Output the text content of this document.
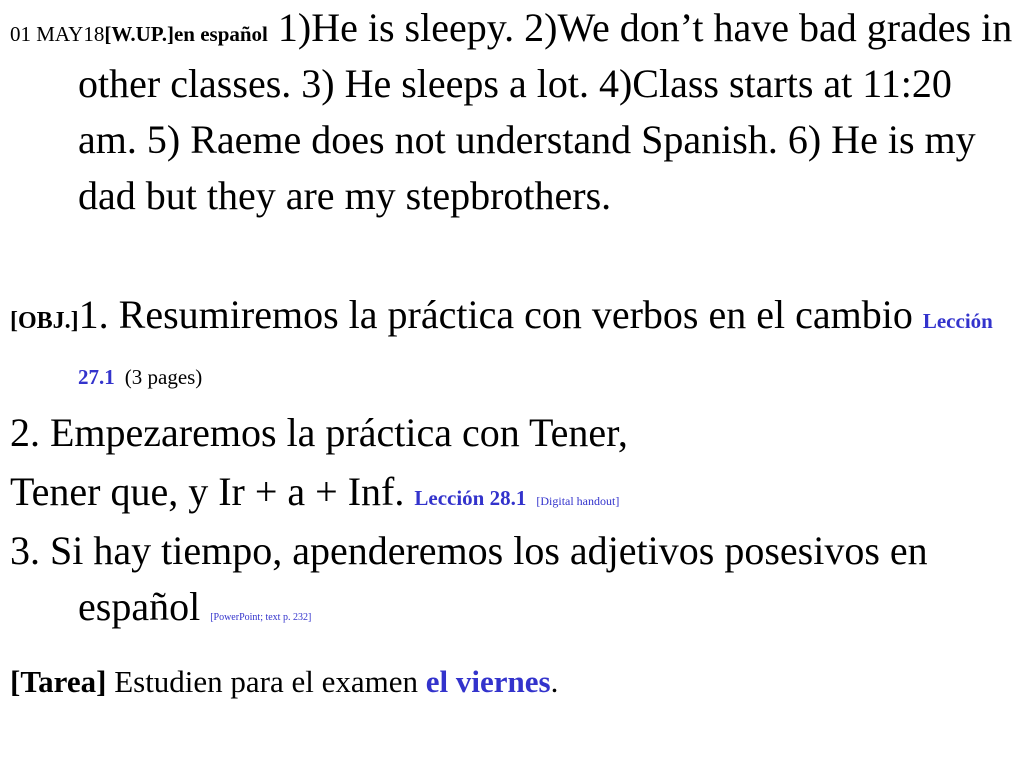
01 MAY18[W.UP.]en español 1)He is sleepy. 2)We don’t have bad grades in other classes. 3) He sleeps a lot. 4)Class starts at 11:20 am. 5) Raeme does not understand Spanish. 6) He is my dad but they are my stepbrothers.
[OBJ.]1. Resumiremos la práctica con verbos en el cambio Lección 27.1 (3 pages)
2. Empezaremos la práctica con Tener,
Tener que, y Ir + a + Inf. Lección 28.1 [Digital handout]
3. Si hay tiempo, apenderemos los adjetivos posesivos en español [PowerPoint; text p. 232]
[Tarea] Estudien para el examen el viernes.
